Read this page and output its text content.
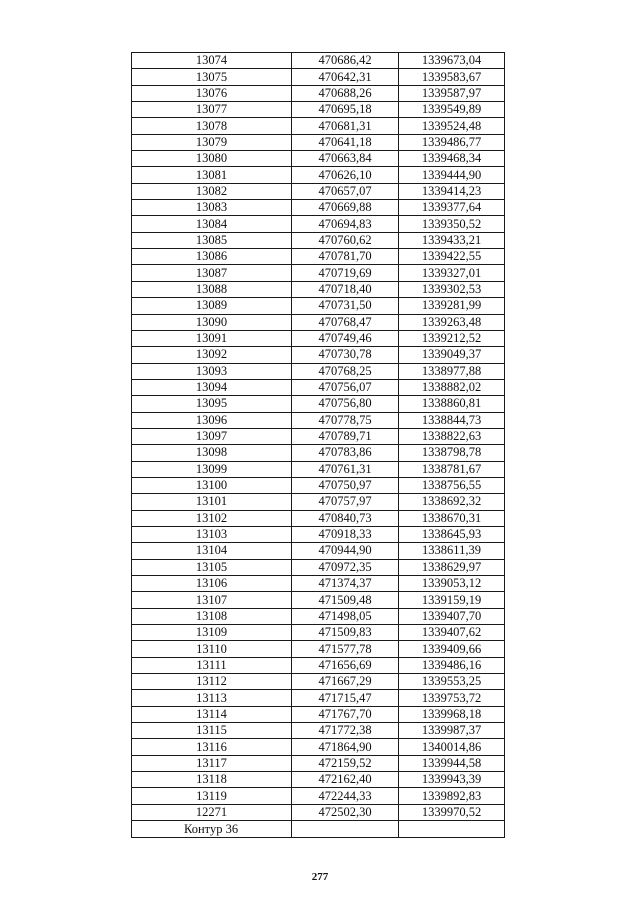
13074	470686,42	1339673,04
13075	470642,31	1339583,67
13076	470688,26	1339587,97
13077	470695,18	1339549,89
13078	470681,31	1339524,48
13079	470641,18	1339486,77
13080	470663,84	1339468,34
13081	470626,10	1339444,90
13082	470657,07	1339414,23
13083	470669,88	1339377,64
13084	470694,83	1339350,52
13085	470760,62	1339433,21
13086	470781,70	1339422,55
13087	470719,69	1339327,01
13088	470718,40	1339302,53
13089	470731,50	1339281,99
13090	470768,47	1339263,48
13091	470749,46	1339212,52
13092	470730,78	1339049,37
13093	470768,25	1338977,88
13094	470756,07	1338882,02
13095	470756,80	1338860,81
13096	470778,75	1338844,73
13097	470789,71	1338822,63
13098	470783,86	1338798,78
13099	470761,31	1338781,67
13100	470750,97	1338756,55
13101	470757,97	1338692,32
13102	470840,73	1338670,31
13103	470918,33	1338645,93
13104	470944,90	1338611,39
13105	470972,35	1338629,97
13106	471374,37	1339053,12
13107	471509,48	1339159,19
13108	471498,05	1339407,70
13109	471509,83	1339407,62
13110	471577,78	1339409,66
13111	471656,69	1339486,16
13112	471667,29	1339553,25
13113	471715,47	1339753,72
13114	471767,70	1339968,18
13115	471772,38	1339987,37
13116	471864,90	1340014,86
13117	472159,52	1339944,58
13118	472162,40	1339943,39
13119	472244,33	1339892,83
12271	472502,30	1339970,52
Контур 36		
277
